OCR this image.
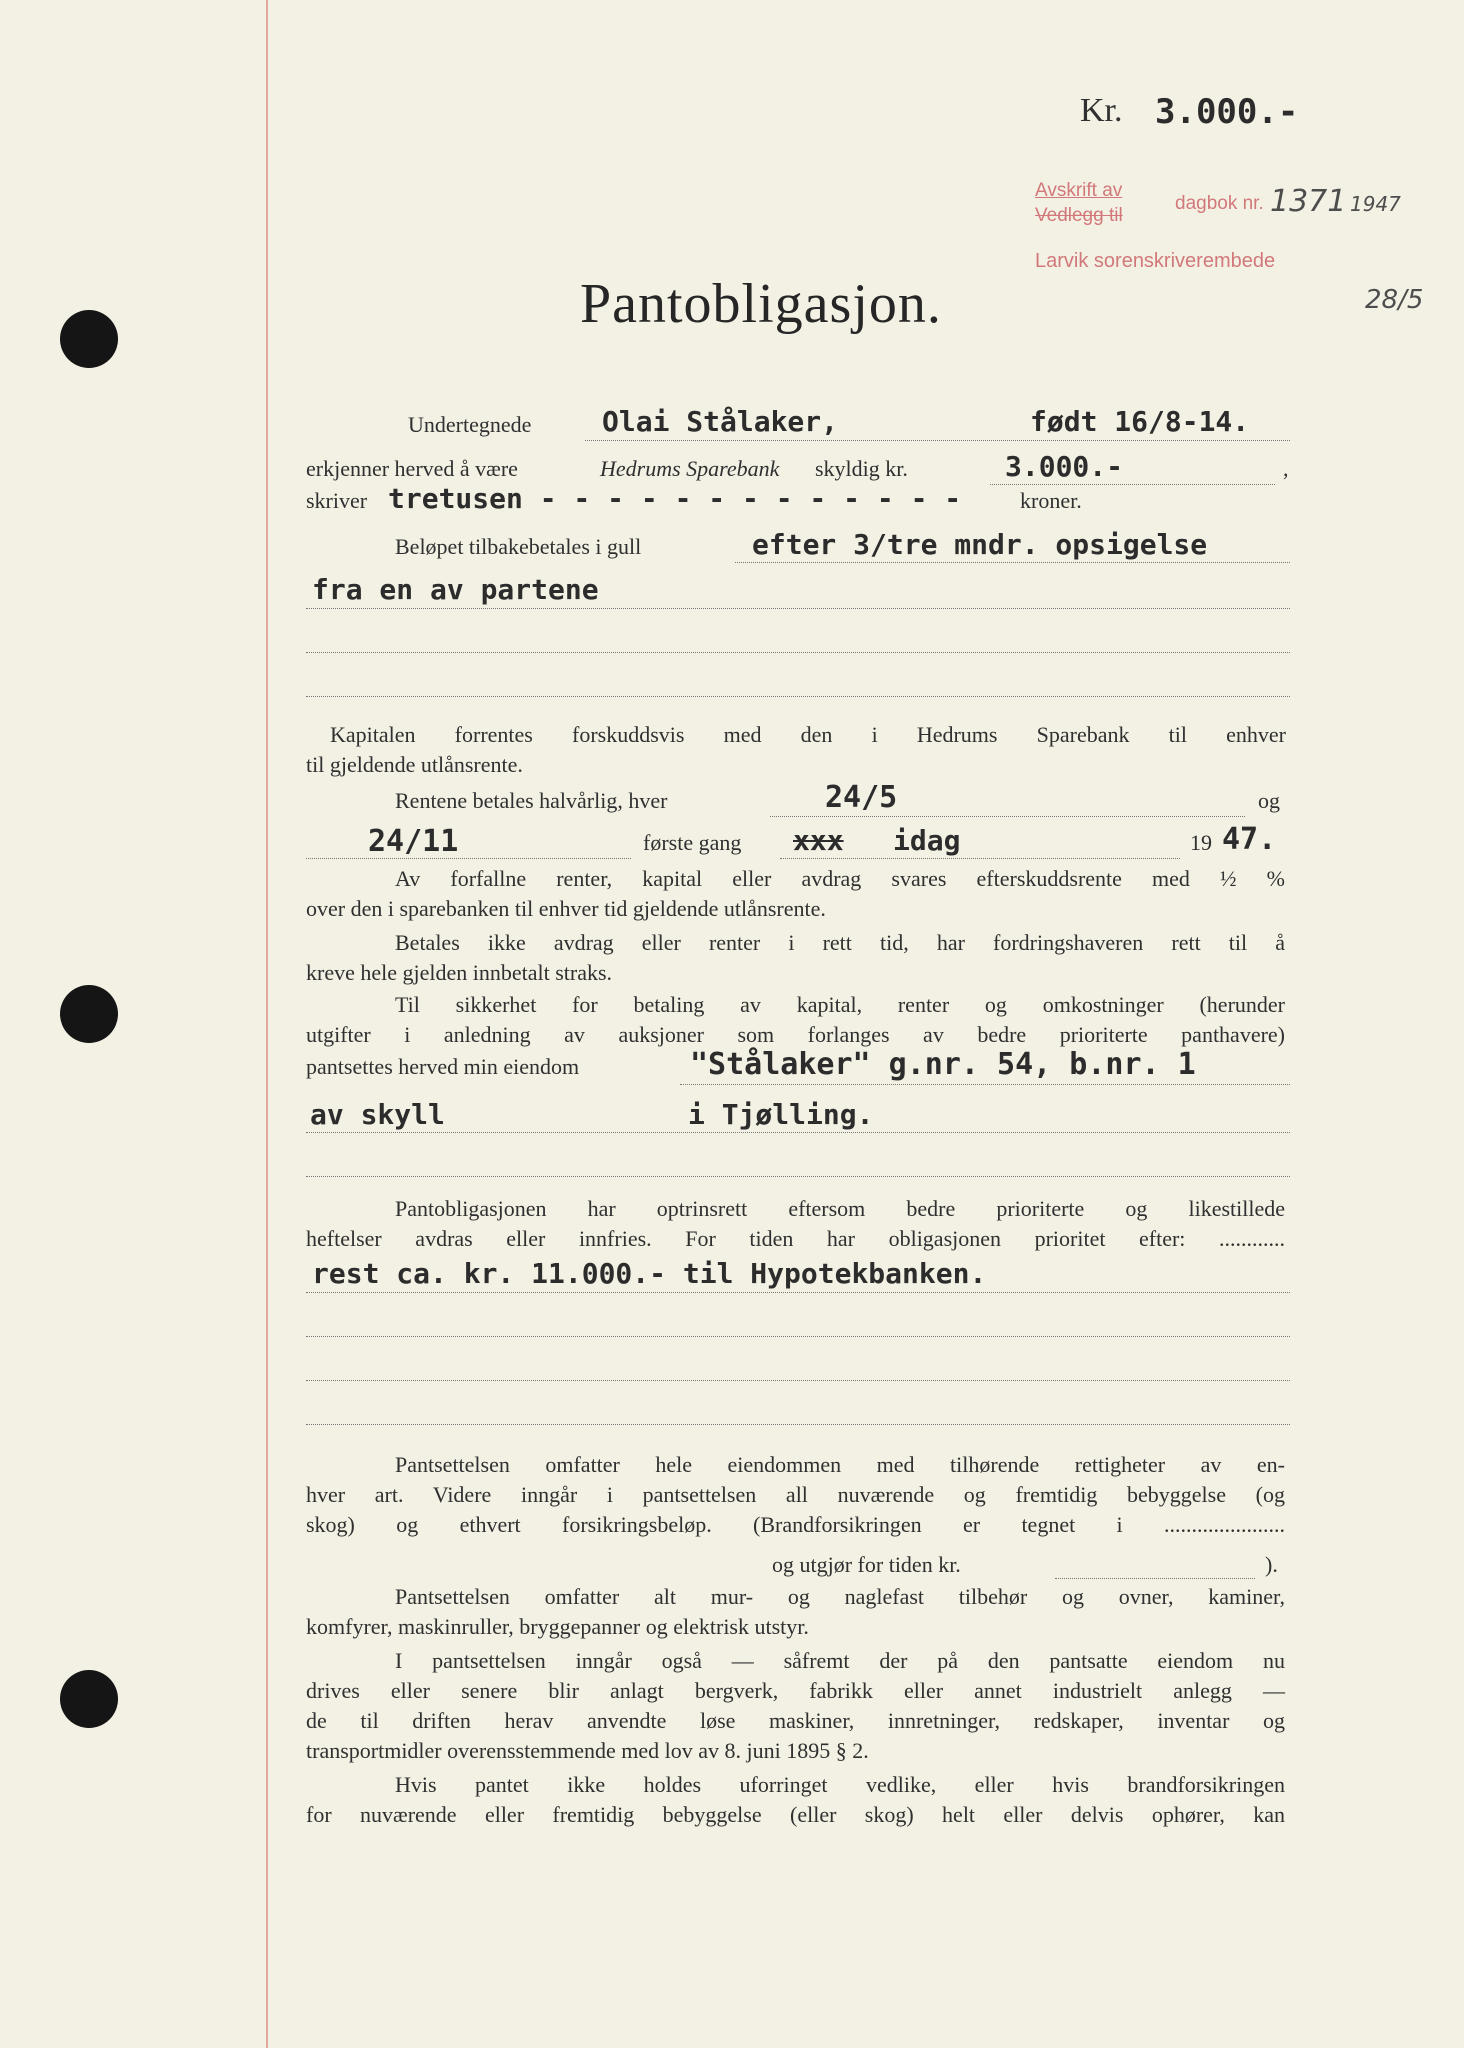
Kr. 3.000.-
Avskrift av
Vedlegg til
dagbok nr. 1371 1947
Larvik sorenskriverembede
28/5
Pantobligasjon.
Undertegnede	Olai Stålaker,	født 16/8-14.
erkjenner herved å være	Hedrums Sparebank skyldig kr.	3.000.-	,
skriver tretusen - - - - - - - - - - - - -	kroner.
Beløpet tilbakebetales i gull	efter 3/tre mndr. opsigelse
fra en av partene
Kapitalen forrentes forskuddsvis med den i Hedrums Sparebank til enhver
til gjeldende utlånsrente.
Rentene betales halvårlig, hver	24/5	og
24/11	første gang xxx idag	19 47.
Av forfallne renter, kapital eller avdrag svares efterskuddsrente med ½ %
over den i sparebanken til enhver tid gjeldende utlånsrente.
Betales ikke avdrag eller renter i rett tid, har fordringshaveren rett til å
kreve hele gjelden innbetalt straks.
Til sikkerhet for betaling av kapital, renter og omkostninger (herunder
utgifter i anledning av auksjoner som forlanges av bedre prioriterte panthavere)
pantsettes herved min eiendom	"Stålaker" g.nr. 54, b.nr. 1
av skyll	i Tjølling.
Pantobligasjonen har optrinsrett eftersom bedre prioriterte og likestillede
heftelser avdras eller innfries. For tiden har obligasjonen prioritet efter: ............
rest ca. kr. 11.000.- til Hypotekbanken.
Pantsettelsen omfatter hele eiendommen med tilhørende rettigheter av en-
hver art. Videre inngår i pantsettelsen all nuværende og fremtidig bebyggelse (og
skog) og ethvert forsikringsbeløp. (Brandforsikringen er tegnet i ......................
og utgjør for tiden kr.	).
Pantsettelsen omfatter alt mur- og naglefast tilbehør og ovner, kaminer,
komfyrer, maskinruller, bryggepanner og elektrisk utstyr.
I pantsettelsen inngår også — såfremt der på den pantsatte eiendom nu
drives eller senere blir anlagt bergverk, fabrikk eller annet industrielt anlegg —
de til driften herav anvendte løse maskiner, innretninger, redskaper, inventar og
transportmidler overensstemmende med lov av 8. juni 1895 § 2.
Hvis pantet ikke holdes uforringet vedlike, eller hvis brandforsikringen
for nuværende eller fremtidig bebyggelse (eller skog) helt eller delvis ophører, kan
